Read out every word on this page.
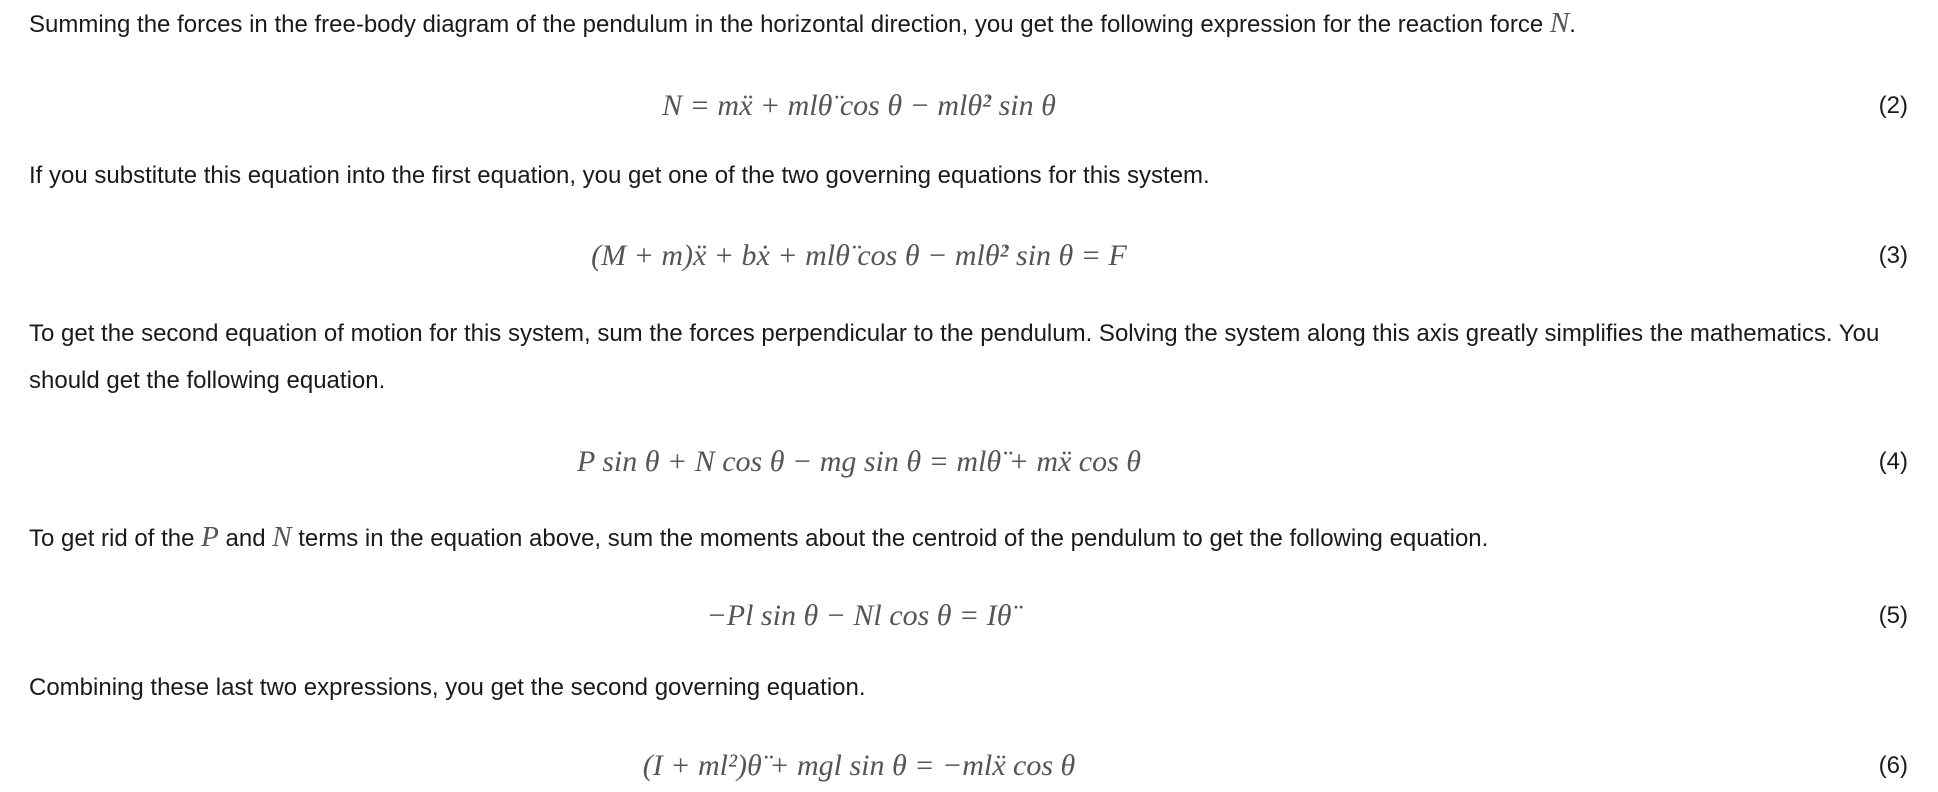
Summing the forces in the free-body diagram of the pendulum in the horizontal direction, you get the following expression for the reaction force N.

N = mẍ + mlθ̈ cos θ − mlθ̇² sin θ	(2)

If you substitute this equation into the first equation, you get one of the two governing equations for this system.

(M + m)ẍ + bẋ + mlθ̈ cos θ − mlθ̇² sin θ = F	(3)

To get the second equation of motion for this system, sum the forces perpendicular to the pendulum. Solving the system along this axis greatly simplifies the mathematics. You should get the following equation.

P sin θ + N cos θ − mg sin θ = mlθ̈ + mẍ cos θ	(4)

To get rid of the P and N terms in the equation above, sum the moments about the centroid of the pendulum to get the following equation.

−Pl sin θ − Nl cos θ = Iθ̈	(5)

Combining these last two expressions, you get the second governing equation.

(I + ml²)θ̈ + mgl sin θ = −mlẍ cos θ	(6)
